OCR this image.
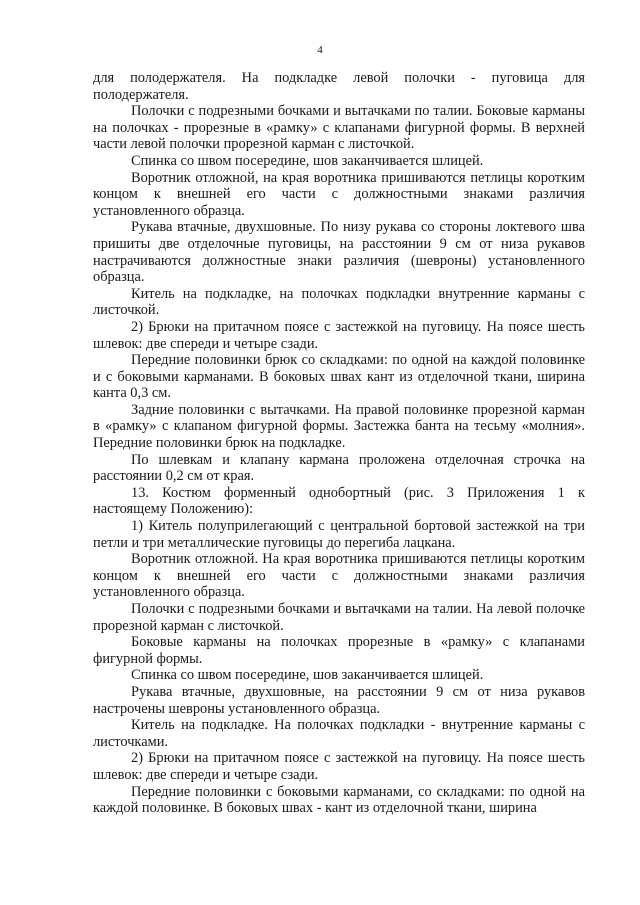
4

для полодержателя. На подкладке левой полочки - пуговица для полодержателя.

Полочки с подрезными бочками и вытачками по талии. Боковые карманы на полочках - прорезные в «рамку» с клапанами фигурной формы. В верхней части левой полочки прорезной карман с листочкой.

Спинка со швом посередине, шов заканчивается шлицей.

Воротник отложной, на края воротника пришиваются петлицы коротким концом к внешней его части с должностными знаками различия установленного образца.

Рукава втачные, двухшовные. По низу рукава со стороны локтевого шва пришиты две отделочные пуговицы, на расстоянии 9 см от низа рукавов настрачиваются должностные знаки различия (шевроны) установленного образца.

Китель на подкладке, на полочках подкладки внутренние карманы с листочкой.

2) Брюки на притачном поясе с застежкой на пуговицу. На поясе шесть шлевок: две спереди и четыре сзади.

Передние половинки брюк со складками: по одной на каждой половинке и с боковыми карманами. В боковых швах кант из отделочной ткани, ширина канта 0,3 см.

Задние половинки с вытачками. На правой половинке прорезной карман в «рамку» с клапаном фигурной формы. Застежка банта на тесьму «молния». Передние половинки брюк на подкладке.

По шлевкам и клапану кармана проложена отделочная строчка на расстоянии 0,2 см от края.

13. Костюм форменный однобортный (рис. 3 Приложения 1 к настоящему Положению):

1) Китель полуприлегающий с центральной бортовой застежкой на три петли и три металлические пуговицы до перегиба лацкана.

Воротник отложной. На края воротника пришиваются петлицы коротким концом к внешней его части с должностными знаками различия установленного образца.

Полочки с подрезными бочками и вытачками на талии. На левой полочке прорезной карман с листочкой.

Боковые карманы на полочках прорезные в «рамку» с клапанами фигурной формы.

Спинка со швом посередине, шов заканчивается шлицей.

Рукава втачные, двухшовные, на расстоянии 9 см от низа рукавов настрочены шевроны установленного образца.

Китель на подкладке. На полочках подкладки - внутренние карманы с листочками.

2) Брюки на притачном поясе с застежкой на пуговицу. На поясе шесть шлевок: две спереди и четыре сзади.

Передние половинки с боковыми карманами, со складками: по одной на каждой половинке. В боковых швах - кант из отделочной ткани, ширина
